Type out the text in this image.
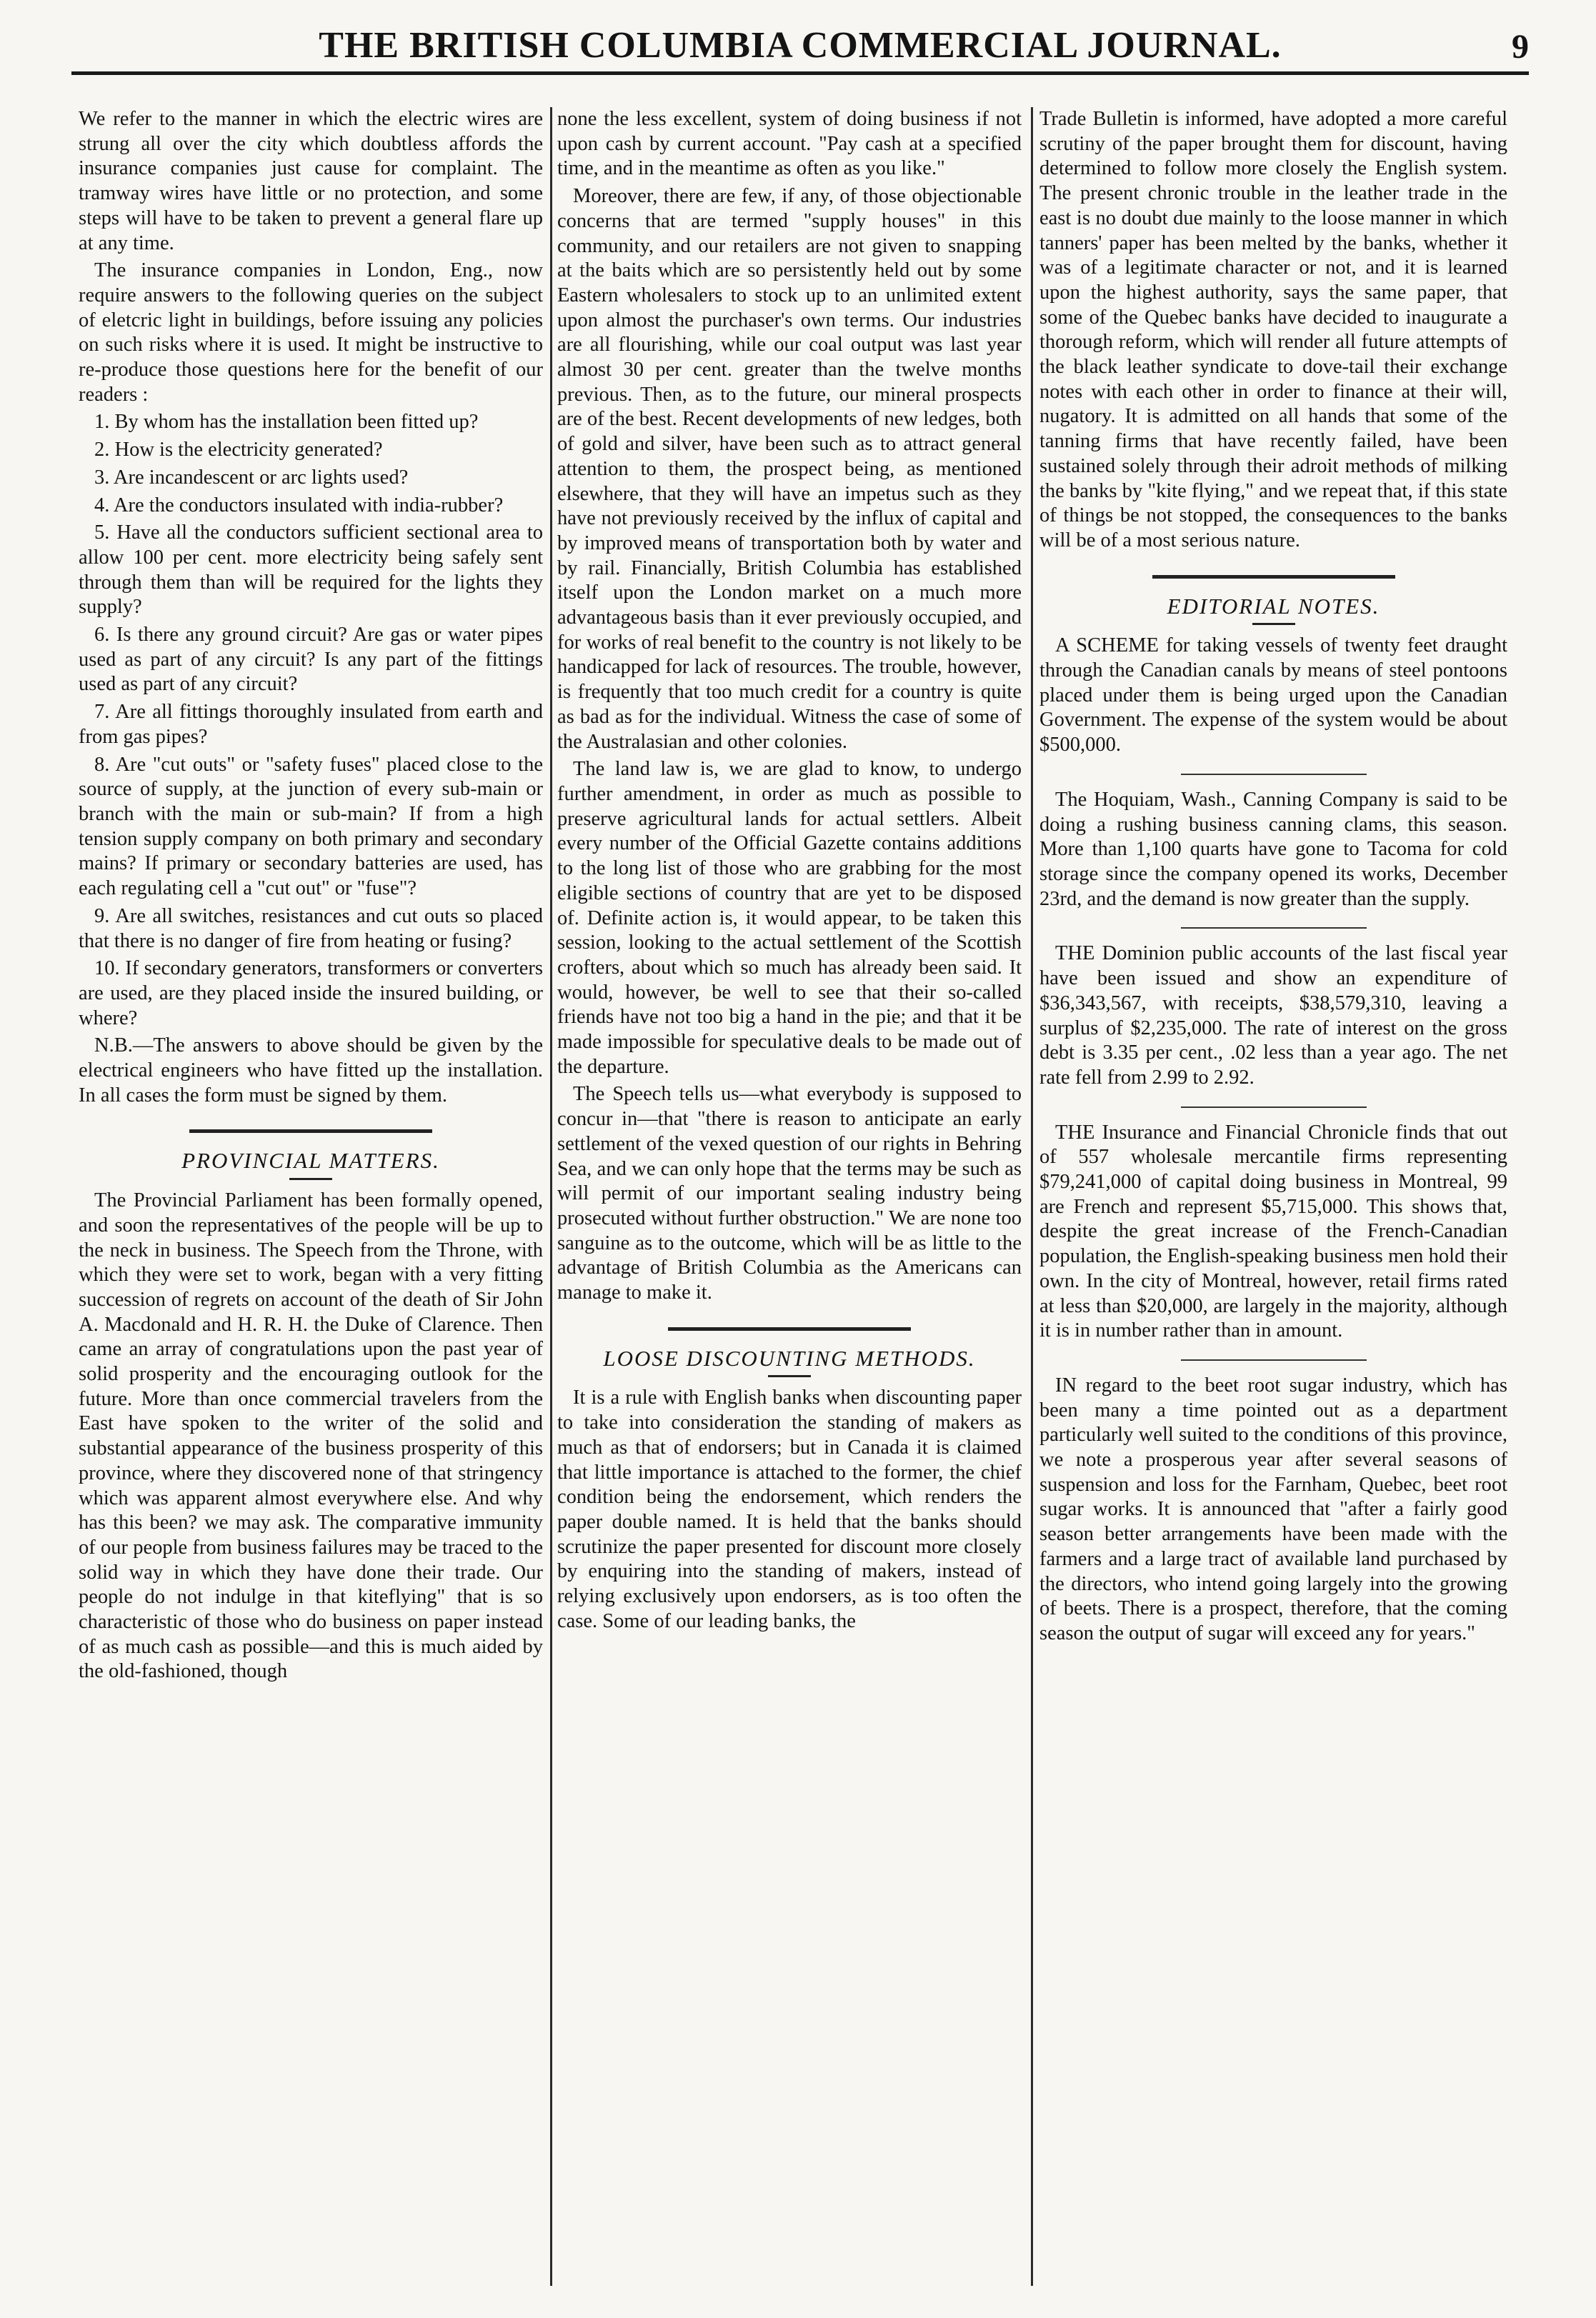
THE BRITISH COLUMBIA COMMERCIAL JOURNAL.	9

We refer to the manner in which the electric wires are strung all over the city which doubtless affords the insurance companies just cause for complaint. The tramway wires have little or no protection, and some steps will have to be taken to prevent a general flare up at any time.

The insurance companies in London, Eng., now require answers to the following queries on the subject of eletcric light in buildings, before issuing any policies on such risks where it is used. It might be instructive to re-produce those questions here for the benefit of our readers :

1. By whom has the installation been fitted up?

2. How is the electricity generated?

3. Are incandescent or arc lights used?

4. Are the conductors insulated with india-rubber?

5. Have all the conductors sufficient sectional area to allow 100 per cent. more electricity being safely sent through them than will be required for the lights they supply?

6. Is there any ground circuit? Are gas or water pipes used as part of any circuit? Is any part of the fittings used as part of any circuit?

7. Are all fittings thoroughly insulated from earth and from gas pipes?

8. Are "cut outs" or "safety fuses" placed close to the source of supply, at the junction of every sub-main or branch with the main or sub-main? If from a high tension supply company on both primary and secondary mains? If primary or secondary batteries are used, has each regulating cell a "cut out" or "fuse"?

9. Are all switches, resistances and cut outs so placed that there is no danger of fire from heating or fusing?

10. If secondary generators, transformers or converters are used, are they placed inside the insured building, or where?

N.B.—The answers to above should be given by the electrical engineers who have fitted up the installation. In all cases the form must be signed by them.

PROVINCIAL MATTERS.

The Provincial Parliament has been formally opened, and soon the representatives of the people will be up to the neck in business. The Speech from the Throne, with which they were set to work, began with a very fitting succession of regrets on account of the death of Sir John A. Macdonald and H. R. H. the Duke of Clarence. Then came an array of congratulations upon the past year of solid prosperity and the encouraging outlook for the future. More than once commercial travelers from the East have spoken to the writer of the solid and substantial appearance of the business prosperity of this province, where they discovered none of that stringency which was apparent almost everywhere else. And why has this been? we may ask. The comparative immunity of our people from business failures may be traced to the solid way in which they have done their trade. Our people do not indulge in that kiteflying" that is so characteristic of those who do business on paper instead of as much cash as possible—and this is much aided by the old-fashioned, though

none the less excellent, system of doing business if not upon cash by current account. "Pay cash at a specified time, and in the meantime as often as you like."

Moreover, there are few, if any, of those objectionable concerns that are termed "supply houses" in this community, and our retailers are not given to snapping at the baits which are so persistently held out by some Eastern wholesalers to stock up to an unlimited extent upon almost the purchaser's own terms. Our industries are all flourishing, while our coal output was last year almost 30 per cent. greater than the twelve months previous. Then, as to the future, our mineral prospects are of the best. Recent developments of new ledges, both of gold and silver, have been such as to attract general attention to them, the prospect being, as mentioned elsewhere, that they will have an impetus such as they have not previously received by the influx of capital and by improved means of transportation both by water and by rail. Financially, British Columbia has established itself upon the London market on a much more advantageous basis than it ever previously occupied, and for works of real benefit to the country is not likely to be handicapped for lack of resources. The trouble, however, is frequently that too much credit for a country is quite as bad as for the individual. Witness the case of some of the Australasian and other colonies.

The land law is, we are glad to know, to undergo further amendment, in order as much as possible to preserve agricultural lands for actual settlers. Albeit every number of the Official Gazette contains additions to the long list of those who are grabbing for the most eligible sections of country that are yet to be disposed of. Definite action is, it would appear, to be taken this session, looking to the actual settlement of the Scottish crofters, about which so much has already been said. It would, however, be well to see that their so-called friends have not too big a hand in the pie; and that it be made impossible for speculative deals to be made out of the departure.

The Speech tells us—what everybody is supposed to concur in—that "there is reason to anticipate an early settlement of the vexed question of our rights in Behring Sea, and we can only hope that the terms may be such as will permit of our important sealing industry being prosecuted without further obstruction." We are none too sanguine as to the outcome, which will be as little to the advantage of British Columbia as the Americans can manage to make it.

LOOSE DISCOUNTING METHODS.

It is a rule with English banks when discounting paper to take into consideration the standing of makers as much as that of endorsers; but in Canada it is claimed that little importance is attached to the former, the chief condition being the endorsement, which renders the paper double named. It is held that the banks should scrutinize the paper presented for discount more closely by enquiring into the standing of makers, instead of relying exclusively upon endorsers, as is too often the case. Some of our leading banks, the

Trade Bulletin is informed, have adopted a more careful scrutiny of the paper brought them for discount, having determined to follow more closely the English system. The present chronic trouble in the leather trade in the east is no doubt due mainly to the loose manner in which tanners' paper has been melted by the banks, whether it was of a legitimate character or not, and it is learned upon the highest authority, says the same paper, that some of the Quebec banks have decided to inaugurate a thorough reform, which will render all future attempts of the black leather syndicate to dove-tail their exchange notes with each other in order to finance at their will, nugatory. It is admitted on all hands that some of the tanning firms that have recently failed, have been sustained solely through their adroit methods of milking the banks by "kite flying," and we repeat that, if this state of things be not stopped, the consequences to the banks will be of a most serious nature.

EDITORIAL NOTES.

A SCHEME for taking vessels of twenty feet draught through the Canadian canals by means of steel pontoons placed under them is being urged upon the Canadian Government. The expense of the system would be about $500,000.

The Hoquiam, Wash., Canning Company is said to be doing a rushing business canning clams, this season. More than 1,100 quarts have gone to Tacoma for cold storage since the company opened its works, December 23rd, and the demand is now greater than the supply.

THE Dominion public accounts of the last fiscal year have been issued and show an expenditure of $36,343,567, with receipts, $38,579,310, leaving a surplus of $2,235,000. The rate of interest on the gross debt is 3.35 per cent., .02 less than a year ago. The net rate fell from 2.99 to 2.92.

THE Insurance and Financial Chronicle finds that out of 557 wholesale mercantile firms representing $79,241,000 of capital doing business in Montreal, 99 are French and represent $5,715,000. This shows that, despite the great increase of the French-Canadian population, the English-speaking business men hold their own. In the city of Montreal, however, retail firms rated at less than $20,000, are largely in the majority, although it is in number rather than in amount.

IN regard to the beet root sugar industry, which has been many a time pointed out as a department particularly well suited to the conditions of this province, we note a prosperous year after several seasons of suspension and loss for the Farnham, Quebec, beet root sugar works. It is announced that "after a fairly good season better arrangements have been made with the farmers and a large tract of available land purchased by the directors, who intend going largely into the growing of beets. There is a prospect, therefore, that the coming season the output of sugar will exceed any for years."
